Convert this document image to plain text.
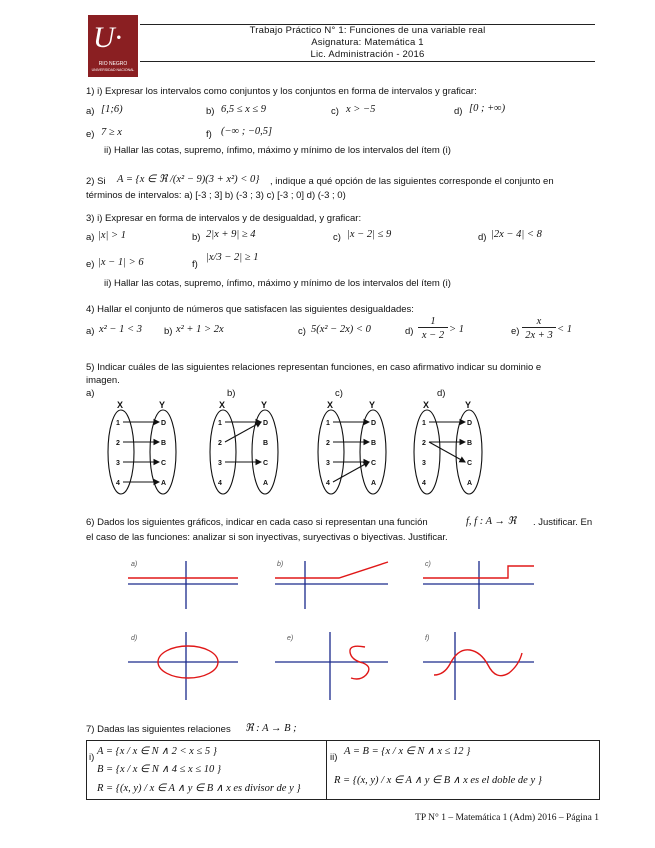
U·
RIO NEGRO
UNIVERSIDAD NACIONAL
Trabajo Práctico N° 1: Funciones de una variable real
Asignatura: Matemática 1
Lic. Administración - 2016
1) i) Expresar los intervalos como conjuntos y los conjuntos en forma de intervalos y graficar:
a) [1;6)	b) 6,5 ≤ x ≤ 9	c) x > −5	d) [0 ; +∞)
e) 7 ≥ x	f) (−∞ ; −0,5]
ii) Hallar las cotas, supremo, ínfimo, máximo y mínimo de los intervalos del ítem (i)
2) Si A = {x ∈ ℜ /(x² − 9)(3 + x²) < 0} , indique a qué opción de las siguientes corresponde el conjunto en
términos de intervalos: a) [-3 ; 3] b) (-3 ; 3) c) [-3 ; 0] d) (-3 ; 0)
3) i) Expresar en forma de intervalos y de desigualdad, y graficar:
a) |x| > 1	b) 2|x + 9| ≥ 4	c) |x − 2| ≤ 9	d) |2x − 4| < 8
e) |x − 1| > 6	f)
|x/3 − 2| ≥ 1
ii) Hallar las cotas, supremo, ínfimo, máximo y mínimo de los intervalos del ítem (i)
4) Hallar el conjunto de números que satisfacen las siguientes desigualdades:
a) x² − 1 < 3 b) x² + 1 > 2x	c) 5(x² − 2x) < 0	d)
1
x − 2
> 1	e)
x
2x + 3
< 1
5) Indicar cuáles de las siguientes relaciones representan funciones, en caso afirmativo indicar su dominio e
imagen.
a)	b)	c)	d)
X	Y
1
2
3
4
D
B
C
A
X	Y
1
2
3
4
D
B
C
A
X	Y
1
2
3
4
D
B
C
A
X	Y
1
2
3
4
D
B
C
A
6) Dados los siguientes gráficos, indicar en cada caso si representan una función	f, f : A → ℜ . Justificar. En
el caso de las funciones: analizar si son inyectivas, suryectivas o biyectivas. Justificar.
a)	b)	c)
d)	e)	f)
7) Dadas las siguientes relaciones ℜ : A → B ;
i)
A = {x / x ∈ N ∧ 2 < x ≤ 5 }
B = {x / x ∈ N ∧ 4 ≤ x ≤ 10 }
R = {(x, y) / x ∈ A ∧ y ∈ B ∧ x es divisor de y }
ii)
A = B = {x / x ∈ N ∧ x ≤ 12 }
R = {(x, y) / x ∈ A ∧ y ∈ B ∧ x es el doble de y }
TP N° 1 – Matemática 1 (Adm) 2016 – Página 1
